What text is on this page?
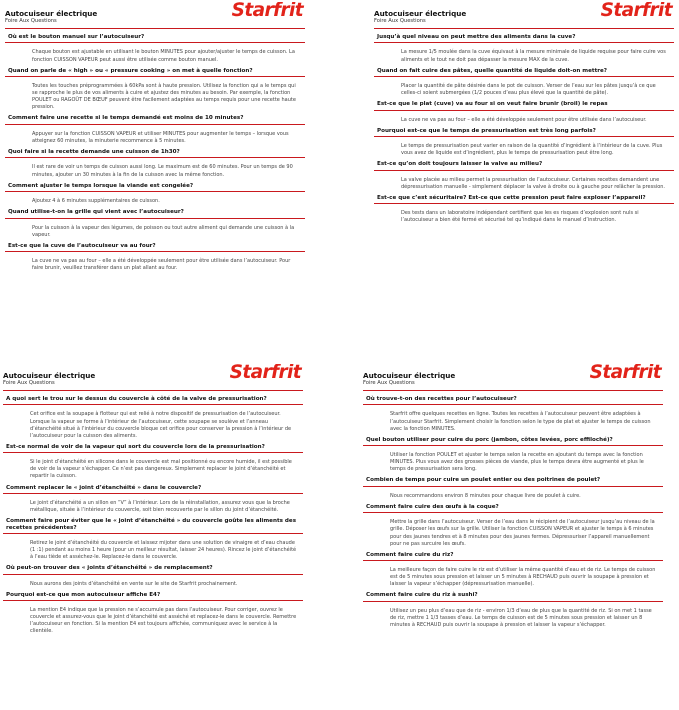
Autocuiseur électrique
Foire Aux Questions	Starfrit
Où est le bouton manuel sur l’autocuiseur?
Chaque bouton est ajustable en utilisant le bouton MINUTES pour ajouter/ajuster le temps de cuisson. La fonction CUISSON VAPEUR peut aussi être utilisée comme bouton manuel.
Quand on parle de « high » ou « pressure cooking » on met à quelle fonction?
Toutes les touches préprogrammées à 60kPa sont à haute pression. Utilisez la fonction qui a le temps qui se rapproche le plus de vos aliments à cuire et ajustez des minutes au besoin. Par exemple, la fonction POULET ou RAGOÛT DE BŒUF peuvent être facilement adaptées au temps requis pour une recette haute pression.
Comment faire une recette si le temps demandé est moins de 10 minutes?
Appuyer sur la fonction CUISSON VAPEUR et utiliser MINUTES pour augmenter le temps – lorsque vous atteignez 60 minutes, la minuterie recommence à 5 minutes.
Quoi faire si la recette demande une cuisson de 1h30?
Il est rare de voir un temps de cuisson aussi long. Le maximum est de 60 minutes. Pour un temps de 90 minutes, ajouter un 30 minutes à la fin de la cuisson avec la même fonction.
Comment ajuster le temps lorsque la viande est congelée?
Ajoutez 4 à 6 minutes supplémentaires de cuisson.
Quand utilise-t-on la grille qui vient avec l’autocuiseur?
Pour la cuisson à la vapeur des légumes, de poisson ou tout autre aliment qui demande une cuisson à la vapeur.
Est-ce que la cuve de l’autocuiseur va au four?
La cuve ne va pas au four – elle a été développée seulement pour être utilisée dans l’autocuiseur. Pour faire brunir, veuillez transférer dans un plat allant au four.
Autocuiseur électrique
Foire Aux Questions	Starfrit
Jusqu’à quel niveau on peut mettre des aliments dans la cuve?
La mesure 1/5 moulée dans la cuve équivaut à la mesure minimale de liquide requise pour faire cuire vos aliments et le tout ne doit pas dépasser la mesure MAX de la cuve.
Quand on fait cuire des pâtes, quelle quantité de liquide doit-on mettre?
Placer la quantité de pâte désirée dans le pot de cuisson. Verser de l’eau sur les pâtes jusqu’à ce que celles-ci soient submergées (1/2 pouces d’eau plus élevé que la quantité de pâte).
Est-ce que le plat (cuve) va au four si on veut faire brunir (broil) le repas
La cuve ne va pas au four – elle a été développée seulement pour être utilisée dans l’autocuiseur.
Pourquoi est-ce que le temps de pressurisation est très long parfois?
Le temps de pressurisation peut varier en raison de la quantité d’ingrédient à l’intérieur de la cuve. Plus vous avez de liquide est d’ingrédient, plus le temps de pressurisation peut être long.
Est-ce qu’on doit toujours laisser la valve au milieu?
La valve placée au milieu permet la pressurisation de l’autocuiseur. Certaines recettes demandent une dépressurisation manuelle - simplement déplacer la valve à droite ou à gauche pour relâcher la pression.
Est-ce que c’est sécuritaire? Est-ce que cette pression peut faire exploser l’appareil?
Des tests dans un laboratoire indépendant certifient que les es risques d’explosion sont nuls si l’autocuiseur a bien été fermé et sécurisé tel qu’indiqué dans le manuel d’instruction.
Autocuiseur électrique
Foire Aux Questions	Starfrit
A quoi sert le trou sur le dessus du couvercle à côté de la valve de pressurisation?
Cet orifice est la soupape à flotteur qui est relié à notre dispositif de pressurisation de l’autocuiseur. Lorsque la vapeur se forme à l’intérieur de l’autocuiseur, cette soupape se soulève et l’anneau d’étanchéité situé à l’intérieur du couvercle bloque cet orifice pour conserver la pression à l’intérieur de l’autocuiseur pour la cuisson des aliments.
Est-ce normal de voir de la vapeur qui sort du couvercle lors de la pressurisation?
Si le joint d’étanchéité en silicone dans le couvercle est mal positionné ou encore humide, il est possible de voir de la vapeur s’échapper. Ce n’est pas dangereux. Simplement replacer le joint d’étanchéité et repartir la cuisson.
Comment replacer le « joint d’étanchéité » dans le couvercle?
Le joint d’étanchéité a un sillon en “V” à l’intérieur. Lors de la réinstallation, assurez vous que la broche métallique, située à l’intérieur du couvercle, soit bien recouverte par le sillon du joint d’étanchéité.
Comment faire pour éviter que le « joint d’étanchéité » du couvercle goûte les aliments des recettes précédentes?
Retirez le joint d’étanchéité du couvercle et laissez mijoter dans une solution de vinaigre et d’eau chaude (1 :1) pendant au moins 1 heure (pour un meilleur résultat, laisser 24 heures). Rincez le joint d’étanchéité à l’eau tiède et asséchez-le. Replacez-le dans le couvercle.
Où peut-on trouver des « joints d’étanchéité » de remplacement?
Nous aurons des joints d’étanchéité en vente sur le site de Starfrit prochainement.
Pourquoi est-ce que mon autocuiseur affiche E4?
La mention E4 indique que la pression ne s’accumule pas dans l’autocuiseur. Pour corriger, ouvrez le couvercle et assurez-vous que le joint d’étanchéité est asséché et replacez-le dans le couvercle. Remettre l’autocuiseur en fonction. Si la mention E4 est toujours affichée, communiquez avec le service à la clientèle.
Autocuiseur électrique
Foire Aux Questions	Starfrit
Où trouve-t-on des recettes pour l’autocuiseur?
Starfrit offre quelques recettes en ligne. Toutes les recettes à l’autocuiseur peuvent être adaptées à l’autocuiseur Starfrit. Simplement choisir la fonction selon le type de plat et ajuster le temps de cuisson avec la fonction MINUTES.
Quel bouton utiliser pour cuire du porc (jambon, côtes levées, porc effiloché)?
Utiliser la fonction POULET et ajuster le temps selon la recette en ajoutant du temps avec la fonction MINUTES. Plus vous avez des grosses pièces de viande, plus le temps devra être augmenté et plus le temps de pressurisation sera long.
Combien de temps pour cuire un poulet entier ou des poitrines de poulet?
Nous recommandons environ 8 minutes pour chaque livre de poulet à cuire.
Comment faire cuire des œufs à la coque?
Mettre la grille dans l’autocuiseur. Verser de l’eau dans le récipient de l’autocuiseur jusqu’au niveau de la grille. Déposer les œufs sur la grille. Utiliser la fonction CUISSON VAPEUR et ajuster le temps à 6 minutes pour des jaunes tendres et à 8 minutes pour des jaunes fermes. Dépressuriser l’appareil manuellement pour ne pas surcuire les œufs.
Comment faire cuire du riz?
La meilleure façon de faire cuire le riz est d’utiliser la même quantité d’eau et de riz. Le temps de cuisson est de 5 minutes sous pression et laisser un 5 minutes à RECHAUD puis ouvrir la soupape à pression et laisser la vapeur s’échapper (dépressurisation manuelle).
Comment faire cuire du riz à sushi?
Utilisez un peu plus d’eau que de riz - environ 1/3 d’eau de plus que la quantité de riz. Si on met 1 tasse de riz, mettre 1 1/3 tasses d’eau. Le temps de cuisson est de 5 minutes sous pression et laisser un 8 minutes à RECHAUD puis ouvrir la soupape à pression et laisser la vapeur s’échapper.
